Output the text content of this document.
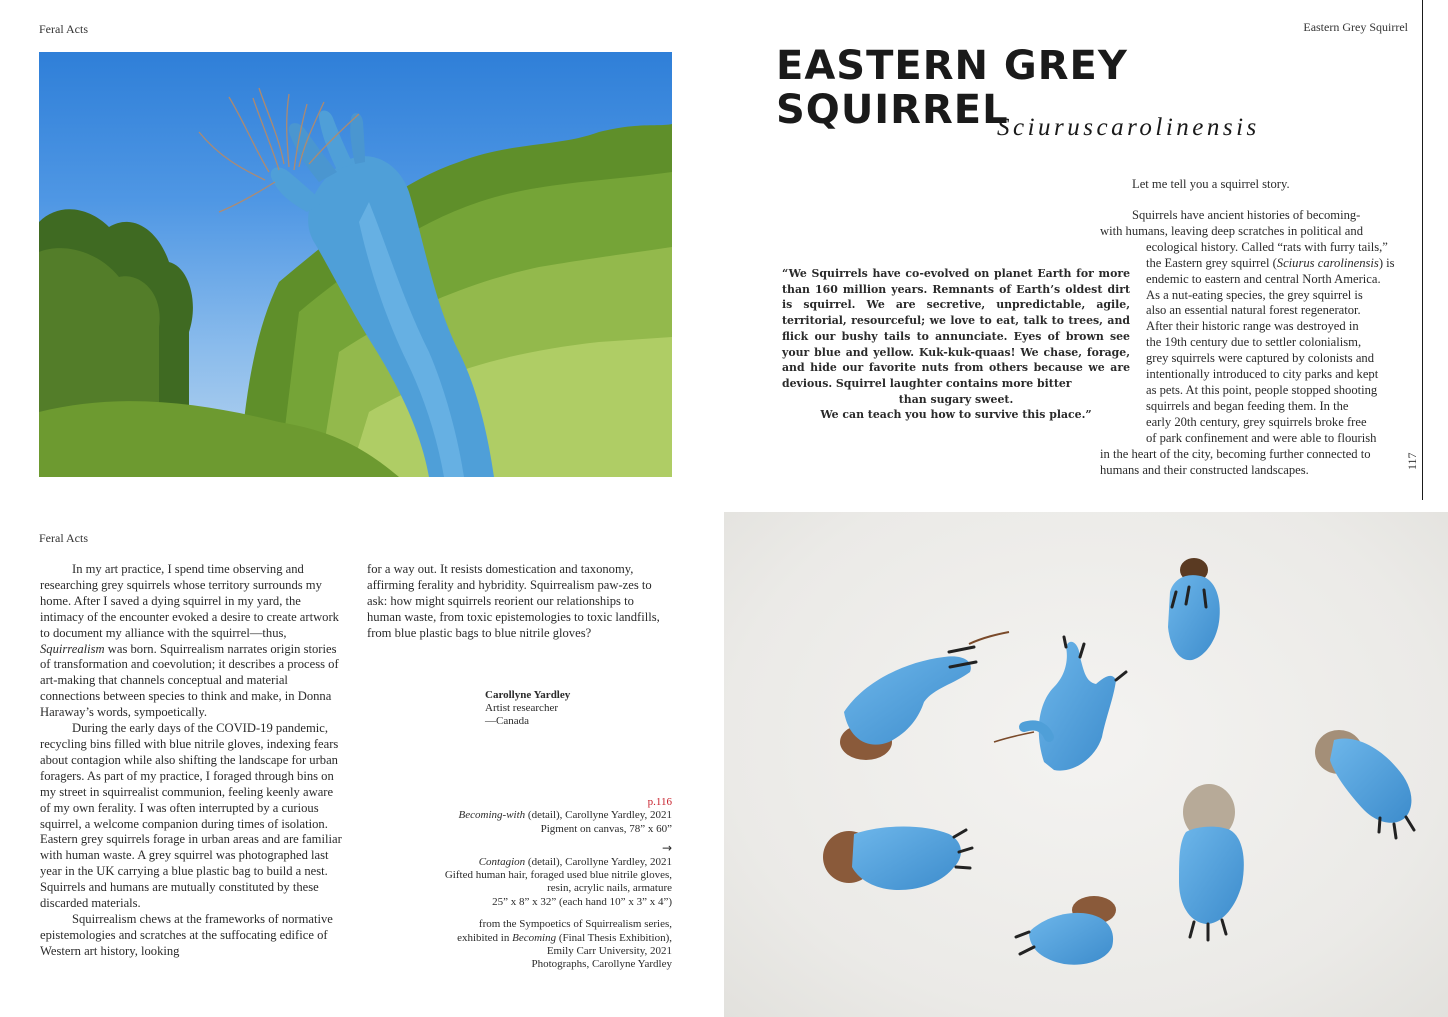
Feral Acts	Eastern Grey Squirrel
Feral Acts
117
EASTERN GREY
SQUIRREL
Sciuruscarolinensis
Let me tell you a squirrel story.

Squirrels have ancient histories of becoming-

with humans, leaving deep scratches in political and

ecological history. Called “rats with furry tails,”

the Eastern grey squirrel (Sciurus carolinensis) is

endemic to eastern and central North America.

As a nut-eating species, the grey squirrel is

also an essential natural forest regenerator.

After their historic range was destroyed in

the 19th century due to settler colonialism,

grey squirrels were captured by colonists and

intentionally introduced to city parks and kept

as pets. At this point, people stopped shooting

squirrels and began feeding them. In the

early 20th century, grey squirrels broke free

of park confinement and were able to flourish

in the heart of the city, becoming further connected to

humans and their constructed landscapes.

“We Squirrels have co-evolved on planet Earth for more than 160 million years. Remnants of Earth’s oldest dirt is squirrel. We are secretive, unpredictable, agile, territorial, resourceful; we love to eat, talk to trees, and flick our bushy tails to annunciate. Eyes of brown see your blue and yellow. Kuk-kuk-quaas! We chase, forage, and hide our favorite nuts from others because we are devious. Squirrel laughter contains more bitter
than sugary sweet.
We can teach you how to survive this place.”

In my art practice, I spend time observing and researching grey squirrels whose territory surrounds my home. After I saved a dying squirrel in my yard, the intimacy of the encounter evoked a desire to create artwork to document my alliance with the squirrel—thus, Squirrealism was born. Squirrealism narrates origin stories of transformation and coevolution; it describes a process of art-making that channels conceptual and material connections between species to think and make, in Donna Haraway’s words, sympoetically.

During the early days of the COVID-19 pandemic, recycling bins filled with blue nitrile gloves, indexing fears about contagion while also shifting the landscape for urban foragers. As part of my practice, I foraged through bins on my street in squirrealist communion, feeling keenly aware of my own ferality. I was often interrupted by a curious squirrel, a welcome companion during times of isolation. Eastern grey squirrels forage in urban areas and are familiar with human waste. A grey squirrel was photographed last year in the UK carrying a blue plastic bag to build a nest. Squirrels and humans are mutually constituted by these discarded materials.

Squirrealism chews at the frameworks of normative epistemologies and scratches at the suffocating edifice of Western art history, looking

for a way out. It resists domestication and taxonomy, affirming ferality and hybridity. Squirrealism paw-zes to ask: how might squirrels reorient our relationships to human waste, from toxic epistemologies to toxic landfills, from blue plastic bags to blue nitrile gloves?

Carollyne Yardley
Artist researcher
—Canada
p.116
Becoming-with (detail), Carollyne Yardley, 2021
Pigment on canvas, 78” x 60”
→
Contagion (detail), Carollyne Yardley, 2021
Gifted human hair, foraged used blue nitrile gloves,
resin, acrylic nails, armature
25” x 8” x 32” (each hand 10” x 3” x 4”)
from the Sympoetics of Squirrealism series,
exhibited in Becoming (Final Thesis Exhibition),
Emily Carr University, 2021
Photographs, Carollyne Yardley
